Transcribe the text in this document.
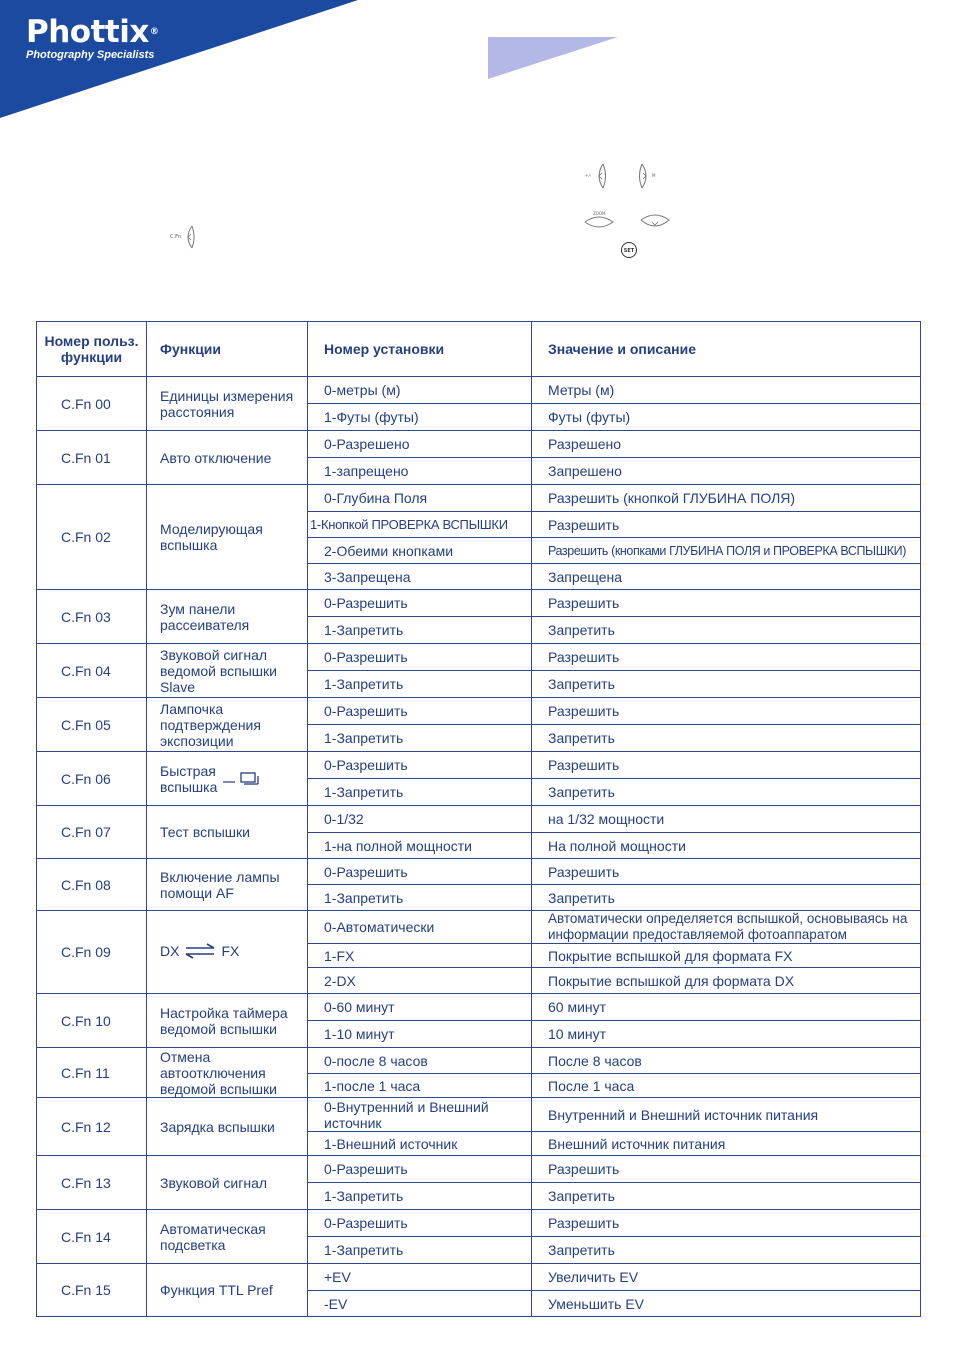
Phottix®
Photography Specialists
C.Fn
+/-	M
ZOOM
SET
Номер польз. функции	Функции	Номер установки	Значение и описание
C.Fn 00	Единицы измерения расстояния	0-метры (м)	Метры (м)
		1-Футы (футы)	Футы (футы)
C.Fn 01	Авто отключение	0-Разрешено	Разрешено
		1-запрещено	Запрешено
C.Fn 02	Моделирующая вспышка	0-Глубина Поля	Разрешить (кнопкой ГЛУБИНА ПОЛЯ)
		1-Кнопкой ПРОВЕРКА ВСПЫШКИ	Разрешить
		2-Обеими кнопками	Разрешить (кнопками ГЛУБИНА ПОЛЯ и ПРОВЕРКА ВСПЫШКИ)
		3-Запрещена	Запрещена
C.Fn 03	Зум панели рассеивателя	0-Разрешить	Разрешить
		1-Запретить	Запретить
C.Fn 04	Звуковой сигнал ведомой вспышки Slave	0-Разрешить	Разрешить
		1-Запретить	Запретить
C.Fn 05	Лампочка подтверждения экспозиции	0-Разрешить	Разрешить
		1-Запретить	Запретить
C.Fn 06	Быстрая вспышка	0-Разрешить	Разрешить
		1-Запретить	Запретить
C.Fn 07	Тест вспышки	0-1/32	на 1/32 мощности
		1-на полной мощности	На полной мощности
C.Fn 08	Включение лампы помощи AF	0-Разрешить	Разрешить
		1-Запретить	Запретить
C.Fn 09	DX FX	0-Автоматически	Автоматически определяется вспышкой, основываясь на информации предоставляемой фотоаппаратом
		1-FX	Покрытие вспышкой для формата FX
		2-DX	Покрытие вспышкой для формата DX
C.Fn 10	Настройка таймера ведомой вспышки	0-60 минут	60 минут
		1-10 минут	10 минут
C.Fn 11	Отмена автоотключения ведомой вспышки	0-после 8 часов	После 8 часов
		1-после 1 часа	После 1 часа
C.Fn 12	Зарядка вспышки	0-Внутренний и Внешний источник	Внутренний и Внешний источник питания
		1-Внешний источник	Внешний источник питания
C.Fn 13	Звуковой сигнал	0-Разрешить	Разрешить
		1-Запретить	Запретить
C.Fn 14	Автоматическая подсветка	0-Разрешить	Разрешить
		1-Запретить	Запретить
C.Fn 15	Функция TTL Pref	+EV	Увеличить EV
		-EV	Уменьшить EV
